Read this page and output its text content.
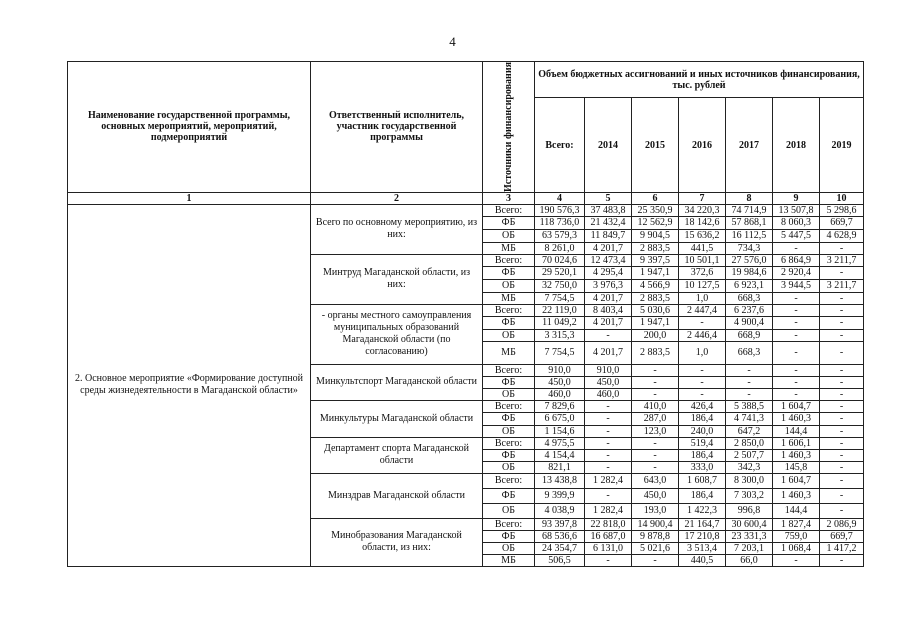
4
Наименование государственной программы, основных мероприятий, мероприятий, подмероприятий	Ответственный исполнитель, участник государственной программы	Источники финансирования	Объем бюджетных ассигнований и иных источников финансирования, тыс. рублей						
			Всего:	2014	2015	2016	2017	2018	2019
1	2	3	4	5	6	7	8	9	10
2. Основное мероприятие «Формирование доступной среды жизнедеятельности в Магаданской области»	Всего по основному мероприятию, из них:	Всего:	190 576,3	37 483,8	25 350,9	34 220,3	74 714,9	13 507,8	5 298,6
		ФБ	118 736,0	21 432,4	12 562,9	18 142,6	57 868,1	8 060,3	669,7
		ОБ	63 579,3	11 849,7	9 904,5	15 636,2	16 112,5	5 447,5	4 628,9
		МБ	8 261,0	4 201,7	2 883,5	441,5	734,3	-	-
	Минтруд Магаданской области, из них:	Всего:	70 024,6	12 473,4	9 397,5	10 501,1	27 576,0	6 864,9	3 211,7
		ФБ	29 520,1	4 295,4	1 947,1	372,6	19 984,6	2 920,4	-
		ОБ	32 750,0	3 976,3	4 566,9	10 127,5	6 923,1	3 944,5	3 211,7
		МБ	7 754,5	4 201,7	2 883,5	1,0	668,3	-	-
	- органы местного самоуправления муниципальных образований Магаданской области (по согласованию)	Всего:	22 119,0	8 403,4	5 030,6	2 447,4	6 237,6	-	-
		ФБ	11 049,2	4 201,7	1 947,1	-	4 900,4	-	-
		ОБ	3 315,3	-	200,0	2 446,4	668,9	-	-
		МБ	7 754,5	4 201,7	2 883,5	1,0	668,3	-	-
	Минкультспорт Магаданской области	Всего:	910,0	910,0	-	-	-	-	-
		ФБ	450,0	450,0	-	-	-	-	-
		ОБ	460,0	460,0	-	-	-	-	-
	Минкультуры Магаданской области	Всего:	7 829,6	-	410,0	426,4	5 388,5	1 604,7	-
		ФБ	6 675,0	-	287,0	186,4	4 741,3	1 460,3	-
		ОБ	1 154,6	-	123,0	240,0	647,2	144,4	-
	Департамент спорта Магаданской области	Всего:	4 975,5	-	-	519,4	2 850,0	1 606,1	-
		ФБ	4 154,4	-	-	186,4	2 507,7	1 460,3	-
		ОБ	821,1	-	-	333,0	342,3	145,8	-
	Минздрав Магаданской области	Всего:	13 438,8	1 282,4	643,0	1 608,7	8 300,0	1 604,7	-
		ФБ	9 399,9	-	450,0	186,4	7 303,2	1 460,3	-
		ОБ	4 038,9	1 282,4	193,0	1 422,3	996,8	144,4	-
	Минобразования Магаданской области, из них:	Всего:	93 397,8	22 818,0	14 900,4	21 164,7	30 600,4	1 827,4	2 086,9
		ФБ	68 536,6	16 687,0	9 878,8	17 210,8	23 331,3	759,0	669,7
		ОБ	24 354,7	6 131,0	5 021,6	3 513,4	7 203,1	1 068,4	1 417,2
		МБ	506,5	-	-	440,5	66,0	-	-
